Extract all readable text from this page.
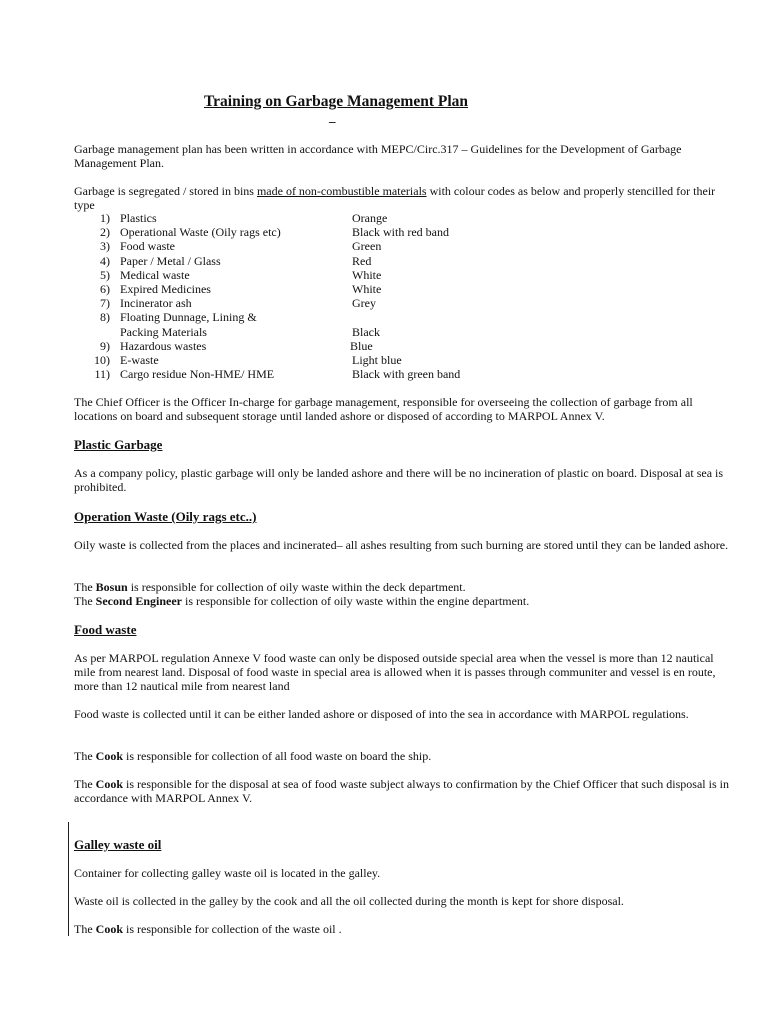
Training on Garbage Management Plan
_

Garbage management plan has been written in accordance with MEPC/Circ.317 – Guidelines for the Development of Garbage Management Plan.

Garbage is segregated / stored in bins made of non-combustible materials with colour codes as below and properly stencilled for their type

1) Plastics	Orange
2) Operational Waste (Oily rags etc)	Black with red band
3) Food waste	Green
4) Paper / Metal / Glass	Red
5) Medical waste	White
6) Expired Medicines	White
7) Incinerator ash	Grey
8) Floating Dunnage, Lining &
Packing Materials	Black
9) Hazardous wastes	Blue
10) E-waste	Light blue
11) Cargo residue Non-HME/ HME	Black with green band

The Chief Officer is the Officer In-charge for garbage management, responsible for overseeing the collection of garbage from all locations on board and subsequent storage until landed ashore or disposed of according to MARPOL Annex V.

Plastic Garbage

As a company policy, plastic garbage will only be landed ashore and there will be no incineration of plastic on board. Disposal at sea is prohibited.

Operation Waste (Oily rags etc..)

Oily waste is collected from the places and incinerated– all ashes resulting from such burning are stored until they can be landed ashore.

The Bosun is responsible for collection of oily waste within the deck department.

The Second Engineer is responsible for collection of oily waste within the engine department.

Food waste

As per MARPOL regulation Annexe V food waste can only be disposed outside special area when the vessel is more than 12 nautical mile from nearest land. Disposal of food waste in special area is allowed when it is passes through communiter and vessel is en route, more than 12 nautical mile from nearest land

Food waste is collected until it can be either landed ashore or disposed of into the sea in accordance with MARPOL regulations.

The Cook is responsible for collection of all food waste on board the ship.

The Cook is responsible for the disposal at sea of food waste subject always to confirmation by the Chief Officer that such disposal is in accordance with MARPOL Annex V.

Galley waste oil

Container for collecting galley waste oil is located in the galley.

Waste oil is collected in the galley by the cook and all the oil collected during the month is kept for shore disposal.

The Cook is responsible for collection of the waste oil .
